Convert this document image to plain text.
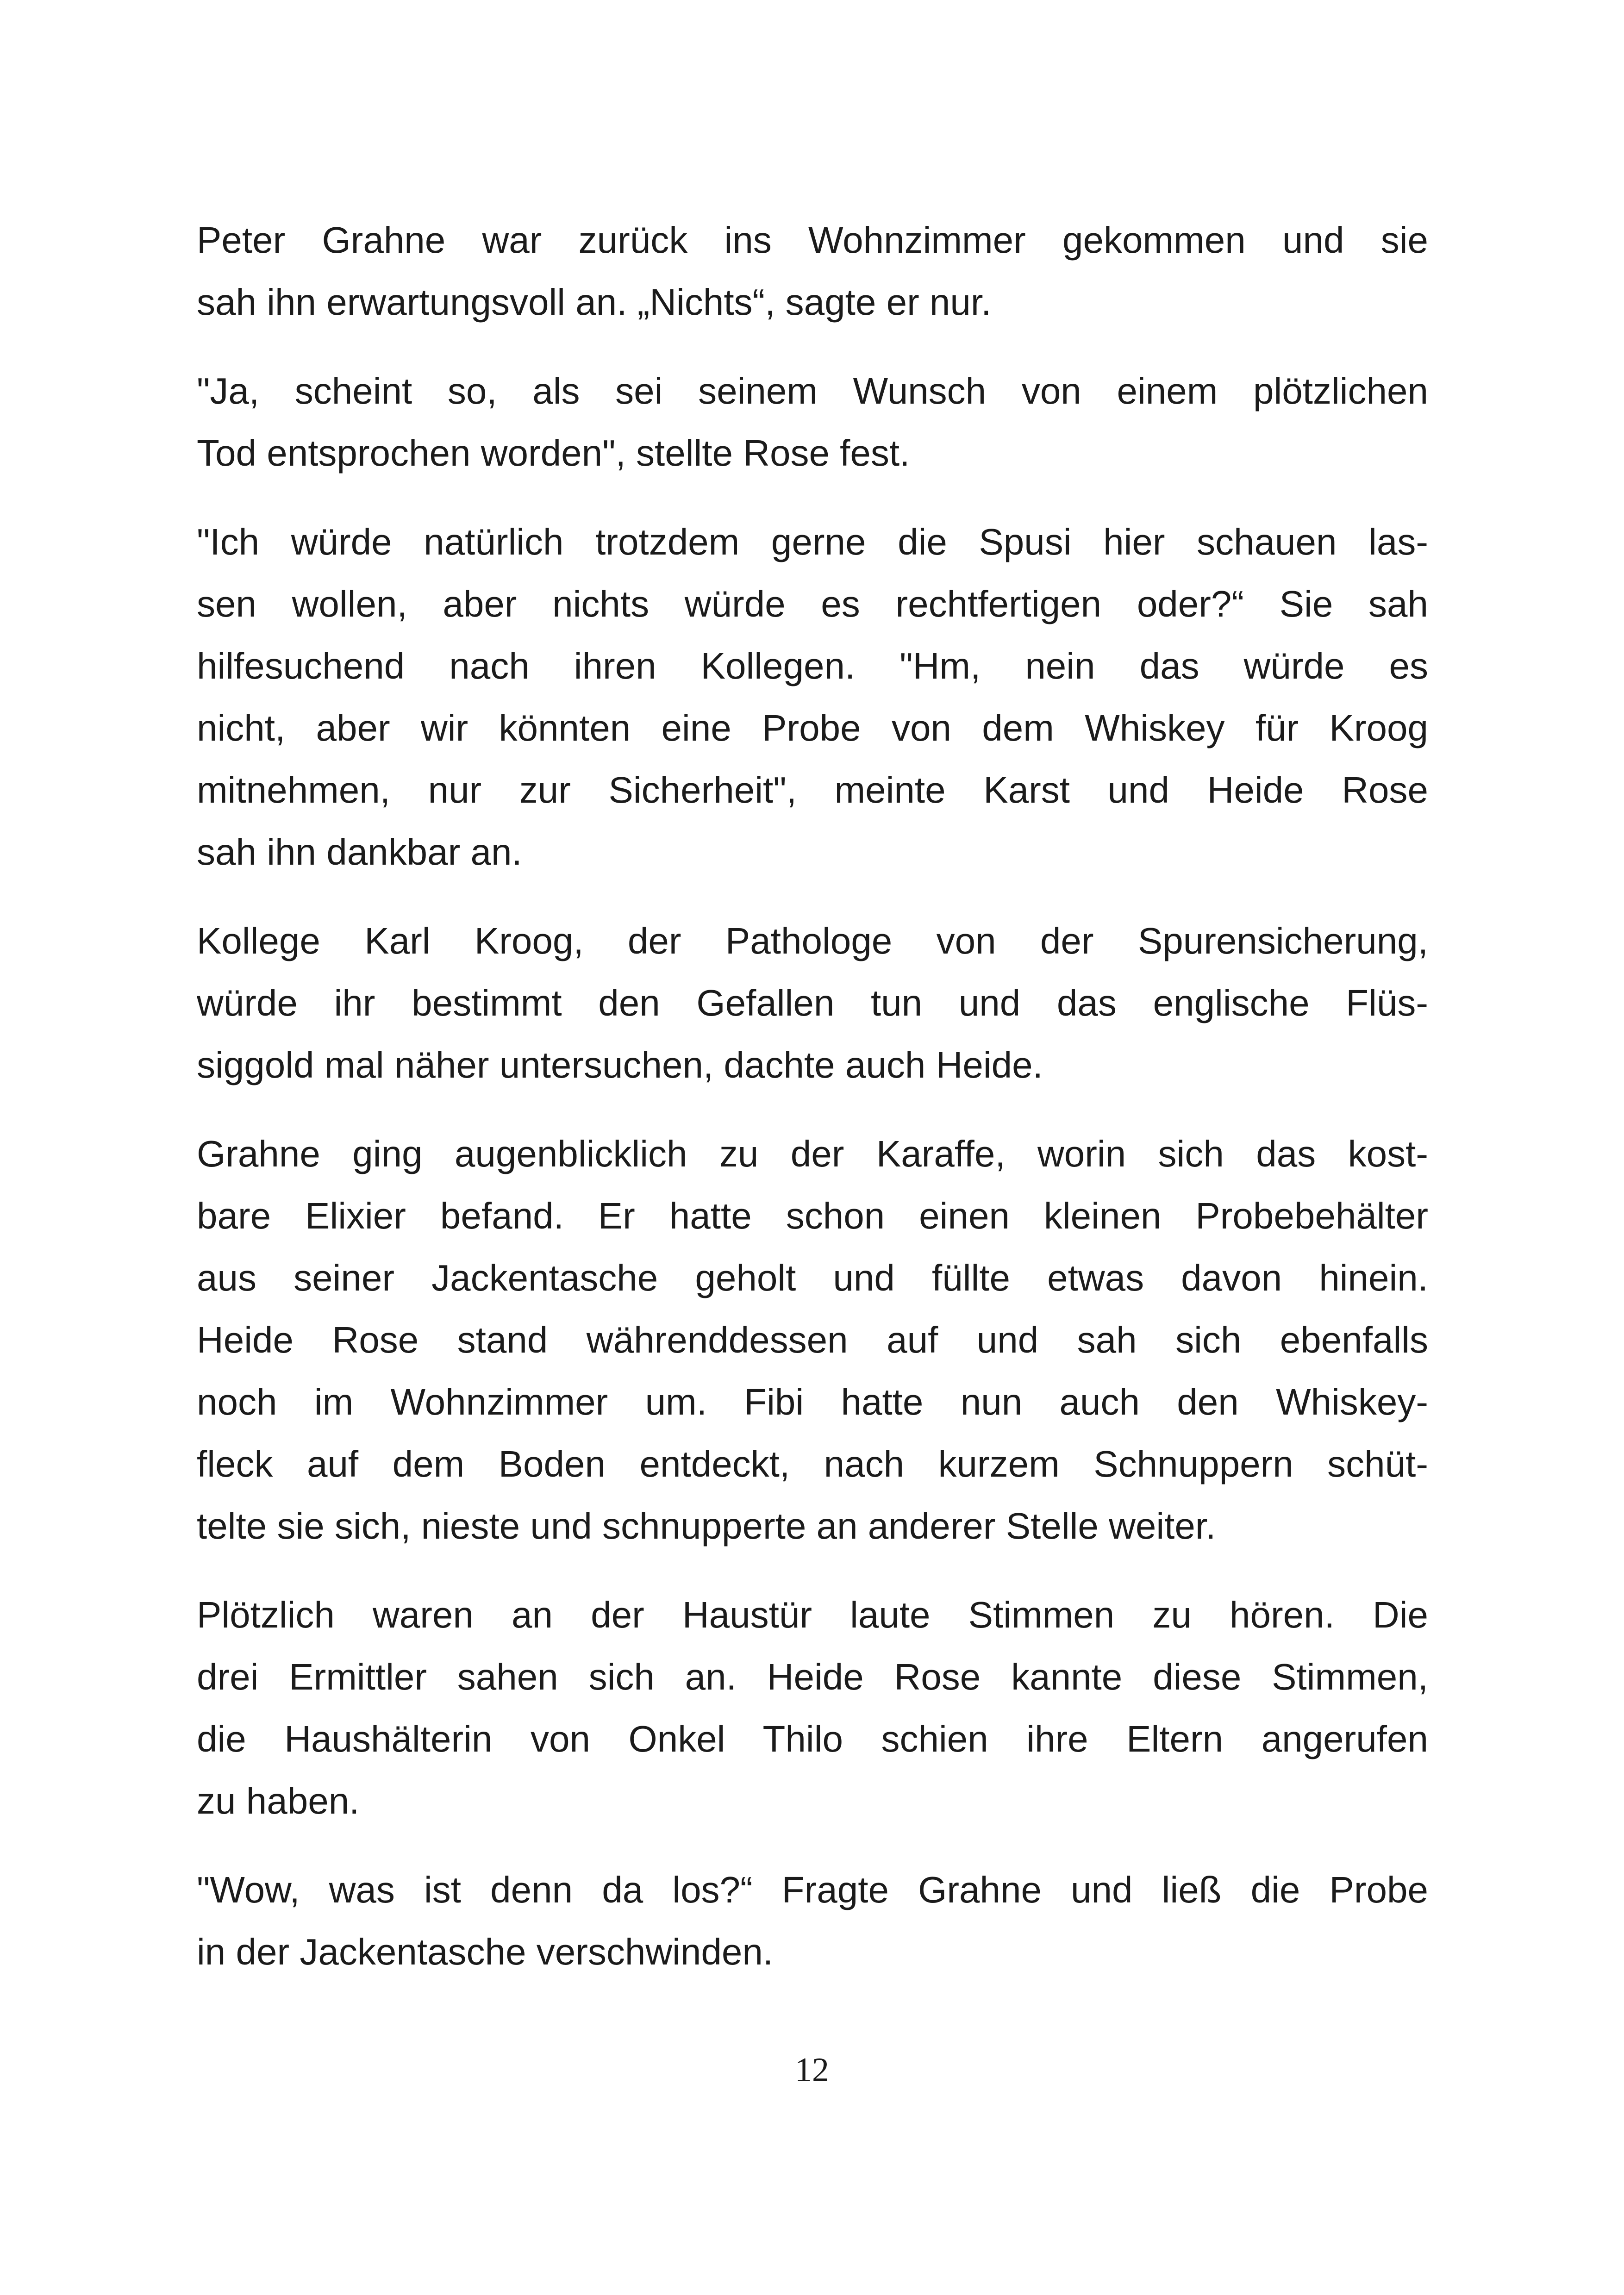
Peter Grahne war zurück ins Wohnzimmer gekommen und sie
sah ihn erwartungsvoll an. „Nichts“, sagte er nur.

"Ja, scheint so, als sei seinem Wunsch von einem plötzlichen
Tod entsprochen worden", stellte Rose fest.

"Ich würde natürlich trotzdem gerne die Spusi hier schauen las-
sen wollen, aber nichts würde es rechtfertigen oder?“ Sie sah
hilfesuchend nach ihren Kollegen. "Hm, nein das würde es
nicht, aber wir könnten eine Probe von dem Whiskey für Kroog
mitnehmen, nur zur Sicherheit", meinte Karst und Heide Rose
sah ihn dankbar an.

Kollege Karl Kroog, der Pathologe von der Spurensicherung,
würde ihr bestimmt den Gefallen tun und das englische Flüs-
siggold mal näher untersuchen, dachte auch Heide.

Grahne ging augenblicklich zu der Karaffe, worin sich das kost-
bare Elixier befand. Er hatte schon einen kleinen Probebehälter
aus seiner Jackentasche geholt und füllte etwas davon hinein.
Heide Rose stand währenddessen auf und sah sich ebenfalls
noch im Wohnzimmer um. Fibi hatte nun auch den Whiskey-
fleck auf dem Boden entdeckt, nach kurzem Schnuppern schüt-
telte sie sich, nieste und schnupperte an anderer Stelle weiter.

Plötzlich waren an der Haustür laute Stimmen zu hören. Die
drei Ermittler sahen sich an. Heide Rose kannte diese Stimmen,
die Haushälterin von Onkel Thilo schien ihre Eltern angerufen
zu haben.

"Wow, was ist denn da los?“ Fragte Grahne und ließ die Probe
in der Jackentasche verschwinden.

12
